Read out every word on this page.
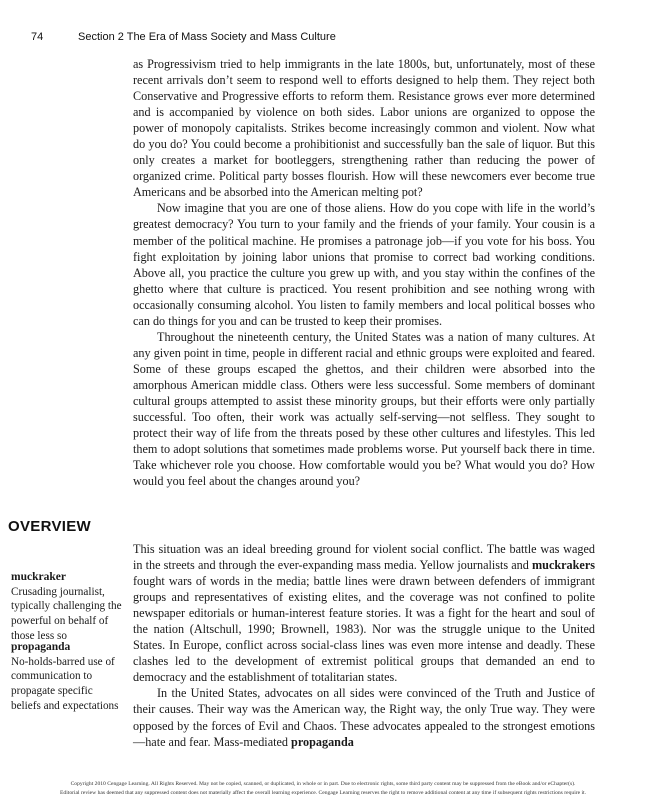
74	Section 2 The Era of Mass Society and Mass Culture

as Progressivism tried to help immigrants in the late 1800s, but, unfortunately, most of these recent arrivals don’t seem to respond well to efforts designed to help them. They reject both Conservative and Progressive efforts to reform them. Resistance grows ever more determined and is accompanied by violence on both sides. Labor unions are organized to oppose the power of monopoly capitalists. Strikes become increasingly common and violent. Now what do you do? You could become a prohibitionist and successfully ban the sale of liquor. But this only creates a market for bootleggers, strengthening rather than reducing the power of organized crime. Political party bosses flourish. How will these newcomers ever become true Americans and be absorbed into the American melting pot?

Now imagine that you are one of those aliens. How do you cope with life in the world’s greatest democracy? You turn to your family and the friends of your family. Your cousin is a member of the political machine. He promises a patronage job—if you vote for his boss. You fight exploitation by joining labor unions that promise to correct bad working conditions. Above all, you practice the culture you grew up with, and you stay within the confines of the ghetto where that culture is practiced. You resent prohibition and see nothing wrong with occasionally consuming alcohol. You listen to family members and local political bosses who can do things for you and can be trusted to keep their promises.

Throughout the nineteenth century, the United States was a nation of many cultures. At any given point in time, people in different racial and ethnic groups were exploited and feared. Some of these groups escaped the ghettos, and their children were absorbed into the amorphous American middle class. Others were less successful. Some members of dominant cultural groups attempted to assist these minority groups, but their efforts were only partially successful. Too often, their work was actually self-serving—not selfless. They sought to protect their way of life from the threats posed by these other cultures and lifestyles. This led them to adopt solutions that sometimes made problems worse. Put yourself back there in time. Take whichever role you choose. How comfortable would you be? What would you do? How would you feel about the changes around you?

OVERVIEW
muckraker
Crusading journalist, typically challenging the powerful on behalf of those less so
propaganda
No-holds-barred use of communication to propagate specific beliefs and expectations

This situation was an ideal breeding ground for violent social conflict. The battle was waged in the streets and through the ever-expanding mass media. Yellow journalists and muckrakers fought wars of words in the media; battle lines were drawn between defenders of immigrant groups and representatives of existing elites, and the coverage was not confined to polite newspaper editorials or human-interest feature stories. It was a fight for the heart and soul of the nation (Altschull, 1990; Brownell, 1983). Nor was the struggle unique to the United States. In Europe, conflict across social-class lines was even more intense and deadly. These clashes led to the development of extremist political groups that demanded an end to democracy and the establishment of totalitarian states.

In the United States, advocates on all sides were convinced of the Truth and Justice of their causes. Their way was the American way, the Right way, the only True way. They were opposed by the forces of Evil and Chaos. These advocates appealed to the strongest emotions—hate and fear. Mass-mediated propaganda

Copyright 2010 Cengage Learning. All Rights Reserved. May not be copied, scanned, or duplicated, in whole or in part. Due to electronic rights, some third party content may be suppressed from the eBook and/or eChapter(s).
Editorial review has deemed that any suppressed content does not materially affect the overall learning experience. Cengage Learning reserves the right to remove additional content at any time if subsequent rights restrictions require it.
